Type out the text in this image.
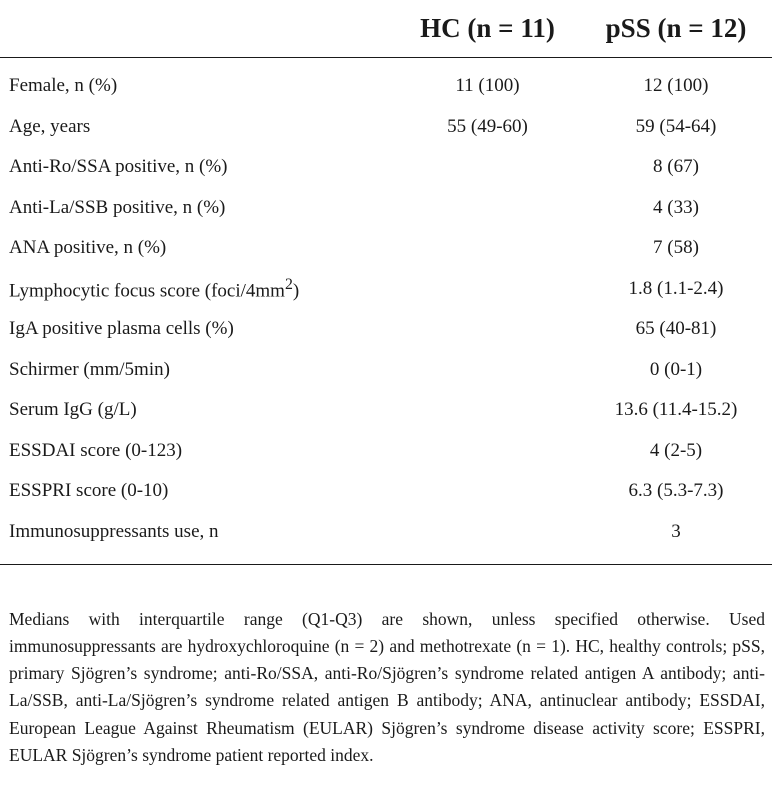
	HC (n = 11)	pSS (n = 12)
Female, n (%)	11 (100)	12 (100)
Age, years	55 (49-60)	59 (54-64)
Anti-Ro/SSA positive, n (%)		8 (67)
Anti-La/SSB positive, n (%)		4 (33)
ANA positive, n (%)		7 (58)
Lymphocytic focus score $(foci/4mm^2)$		1.8 (1.1-2.4)
IgA positive plasma cells (%)		65 (40-81)
Schirmer (mm/5min)		0 (0-1)
Serum IgG (g/L)		13.6 (11.4-15.2)
ESSDAI score (0-123)		4 (2-5)
ESSPRI score (0-10)		6.3 (5.3-7.3)
Immunosuppressants use, n		3

Medians with interquartile range (Q1-Q3) are shown, unless specified otherwise. Used immunosuppressants are hydroxychloroquine (n = 2) and methotrexate (n = 1). HC, healthy controls; pSS, primary Sjögren’s syndrome; anti-Ro/SSA, anti-Ro/Sjögren’s syndrome related antigen A antibody; anti-La/SSB, anti-La/Sjögren’s syndrome related antigen B antibody; ANA, antinuclear antibody; ESSDAI, European League Against Rheumatism (EULAR) Sjögren’s syndrome disease activity score; ESSPRI, EULAR Sjögren’s syndrome patient reported index.
